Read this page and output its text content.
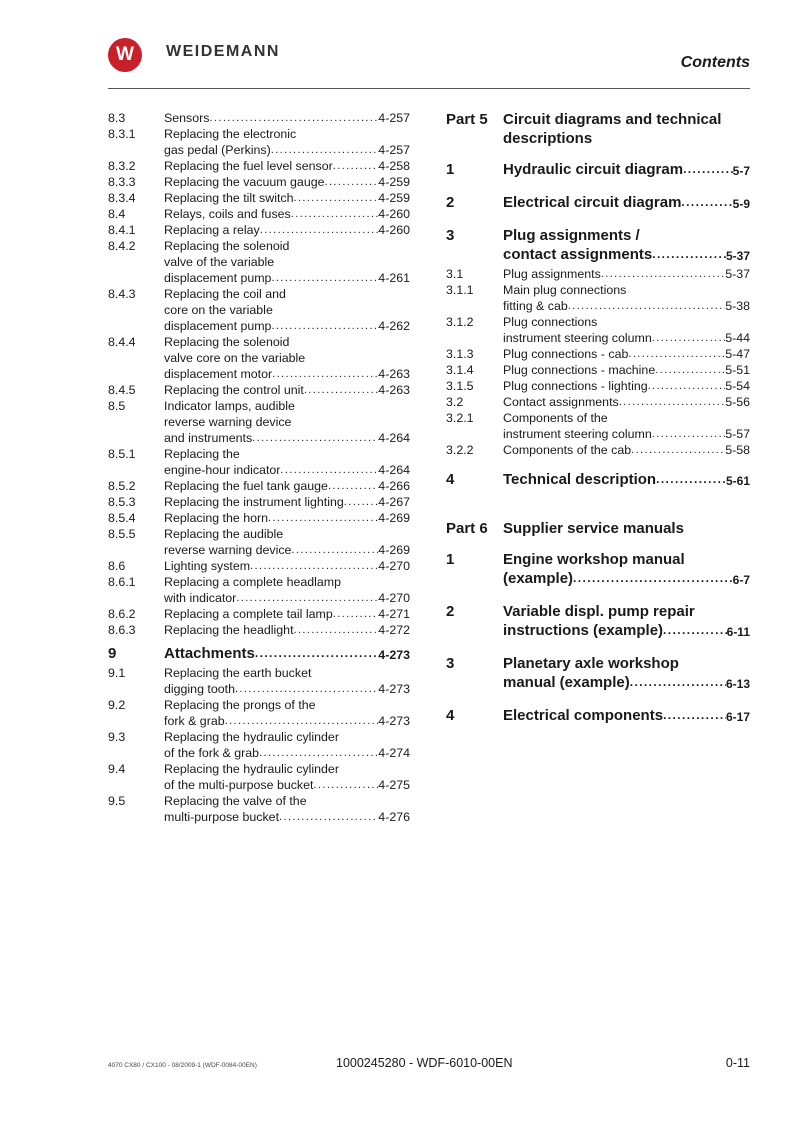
W WEIDEMANN
Contents
8.3	Sensors .....	4-257
8.3.1	Replacing the electronic
gas pedal (Perkins) .....	4-257
8.3.2	Replacing the fuel level sensor .....	4-258
8.3.3	Replacing the vacuum gauge .....	4-259
8.3.4	Replacing the tilt switch .....	4-259
8.4	Relays, coils and fuses .....	4-260
8.4.1	Replacing a relay .....	4-260
8.4.2	Replacing the solenoid
valve of the variable
displacement pump .....	4-261
8.4.3	Replacing the coil and
core on the variable
displacement pump .....	4-262
8.4.4	Replacing the solenoid
valve core on the variable
displacement motor .....	4-263
8.4.5	Replacing the control unit .....	4-263
8.5	Indicator lamps, audible
reverse warning device
and instruments .....	4-264
8.5.1	Replacing the
engine-hour indicator .....	4-264
8.5.2	Replacing the fuel tank gauge .....	4-266
8.5.3	Replacing the instrument lighting .....	4-267
8.5.4	Replacing the horn .....	4-269
8.5.5	Replacing the audible
reverse warning device .....	4-269
8.6	Lighting system .....	4-270
8.6.1	Replacing a complete headlamp
with indicator .....	4-270
8.6.2	Replacing a complete tail lamp .....	4-271
8.6.3	Replacing the headlight .....	4-272
9	Attachments .....	4-273
9.1	Replacing the earth bucket
digging tooth .....	4-273
9.2	Replacing the prongs of the
fork & grab .....	4-273
9.3	Replacing the hydraulic cylinder
of the fork & grab .....	4-274
9.4	Replacing the hydraulic cylinder
of the multi-purpose bucket .....	4-275
9.5	Replacing the valve of the
multi-purpose bucket .....	4-276
Part 5	Circuit diagrams and technical
descriptions
1	Hydraulic circuit diagram .....	5-7
2	Electrical circuit diagram .....	5-9
3	Plug assignments /
contact assignments .....	5-37
3.1	Plug assignments .....	5-37
3.1.1	Main plug connections
fitting & cab .....	5-38
3.1.2	Plug connections
instrument steering column .....	5-44
3.1.3	Plug connections - cab .....	5-47
3.1.4	Plug connections - machine .....	5-51
3.1.5	Plug connections - lighting .....	5-54
3.2	Contact assignments .....	5-56
3.2.1	Components of the
instrument steering column .....	5-57
3.2.2	Components of the cab .....	5-58
4	Technical description .....	5-61
Part 6	Supplier service manuals
1	Engine workshop manual
(example) .....	6-7
2	Variable displ. pump repair
instructions (example) .....	6-11
3	Planetary axle workshop
manual (example) .....	6-13
4	Electrical components .....	6-17
4070 CX80 / CX100 - 08/2009-1 (WDF-0084-00EN)	1000245280 - WDF-6010-00EN	0-11
